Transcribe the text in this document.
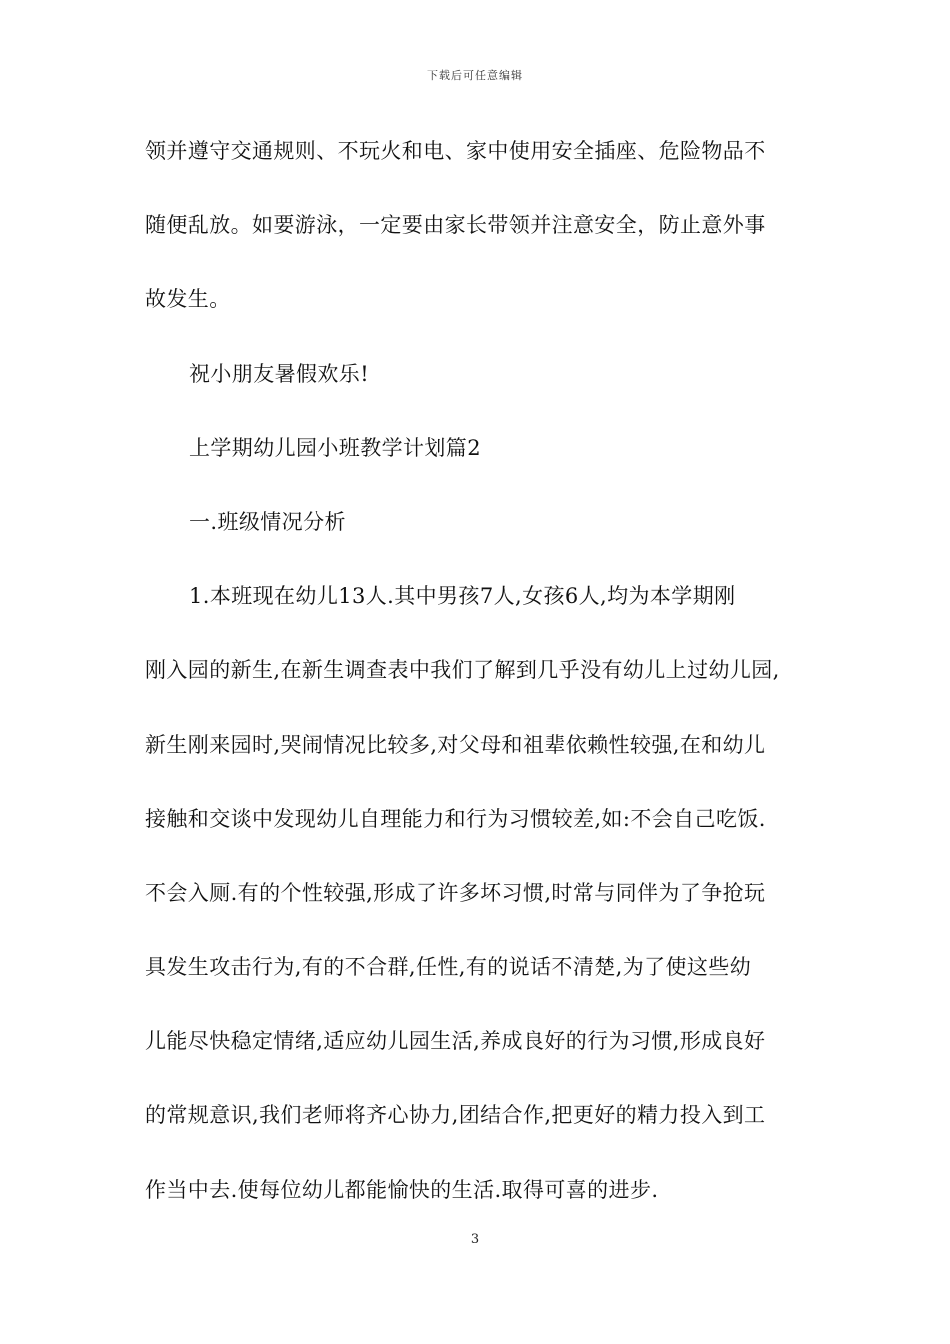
下载后可任意编辑
领并遵守交通规则、不玩火和电、家中使用安全插座、危险物品不
随便乱放。如要游泳，一定要由家长带领并注意安全，防止意外事
故发生。
祝小朋友暑假欢乐!
上学期幼儿园小班教学计划篇2
一.班级情况分析
1.本班现在幼儿13人.其中男孩7人,女孩6人,均为本学期刚
刚入园的新生,在新生调查表中我们了解到几乎没有幼儿上过幼儿园,
新生刚来园时,哭闹情况比较多,对父母和祖辈依赖性较强,在和幼儿
接触和交谈中发现幼儿自理能力和行为习惯较差,如:不会自己吃饭.
不会入厕.有的个性较强,形成了许多坏习惯,时常与同伴为了争抢玩
具发生攻击行为,有的不合群,任性,有的说话不清楚,为了使这些幼
儿能尽快稳定情绪,适应幼儿园生活,养成良好的行为习惯,形成良好
的常规意识,我们老师将齐心协力,团结合作,把更好的精力投入到工
作当中去.使每位幼儿都能愉快的生活.取得可喜的进步.
3
